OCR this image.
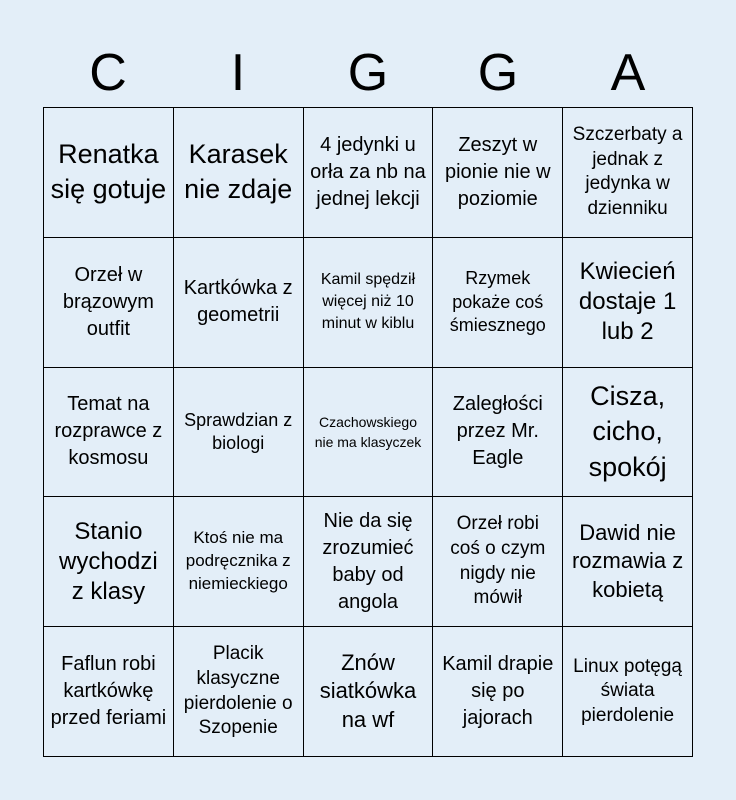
C	I	G	G	A
Renatka się gotuje
Karasek nie zdaje
4 jedynki u orła za nb na jednej lekcji
Zeszyt w pionie nie w poziomie
Szczerbaty a jednak z jedynka w dzienniku
Orzeł w brązowym outfit
Kartkówka z geometrii
Kamil spędził więcej niż 10 minut w kiblu
Rzymek pokaże coś śmiesznego
Kwiecień dostaje 1 lub 2
Temat na rozprawce z kosmosu
Sprawdzian z biologi
Czachowskiego nie ma klasyczek
Zaległości przez Mr. Eagle
Cisza, cicho, spokój
Stanio wychodzi z klasy
Ktoś nie ma podręcznika z niemieckiego
Nie da się zrozumieć baby od angola
Orzeł robi coś o czym nigdy nie mówił
Dawid nie rozmawia z kobietą
Faflun robi kartkówkę przed feriami
Placik klasyczne pierdolenie o Szopenie
Znów siatkówka na wf
Kamil drapie się po jajorach
Linux potęgą świata pierdolenie
